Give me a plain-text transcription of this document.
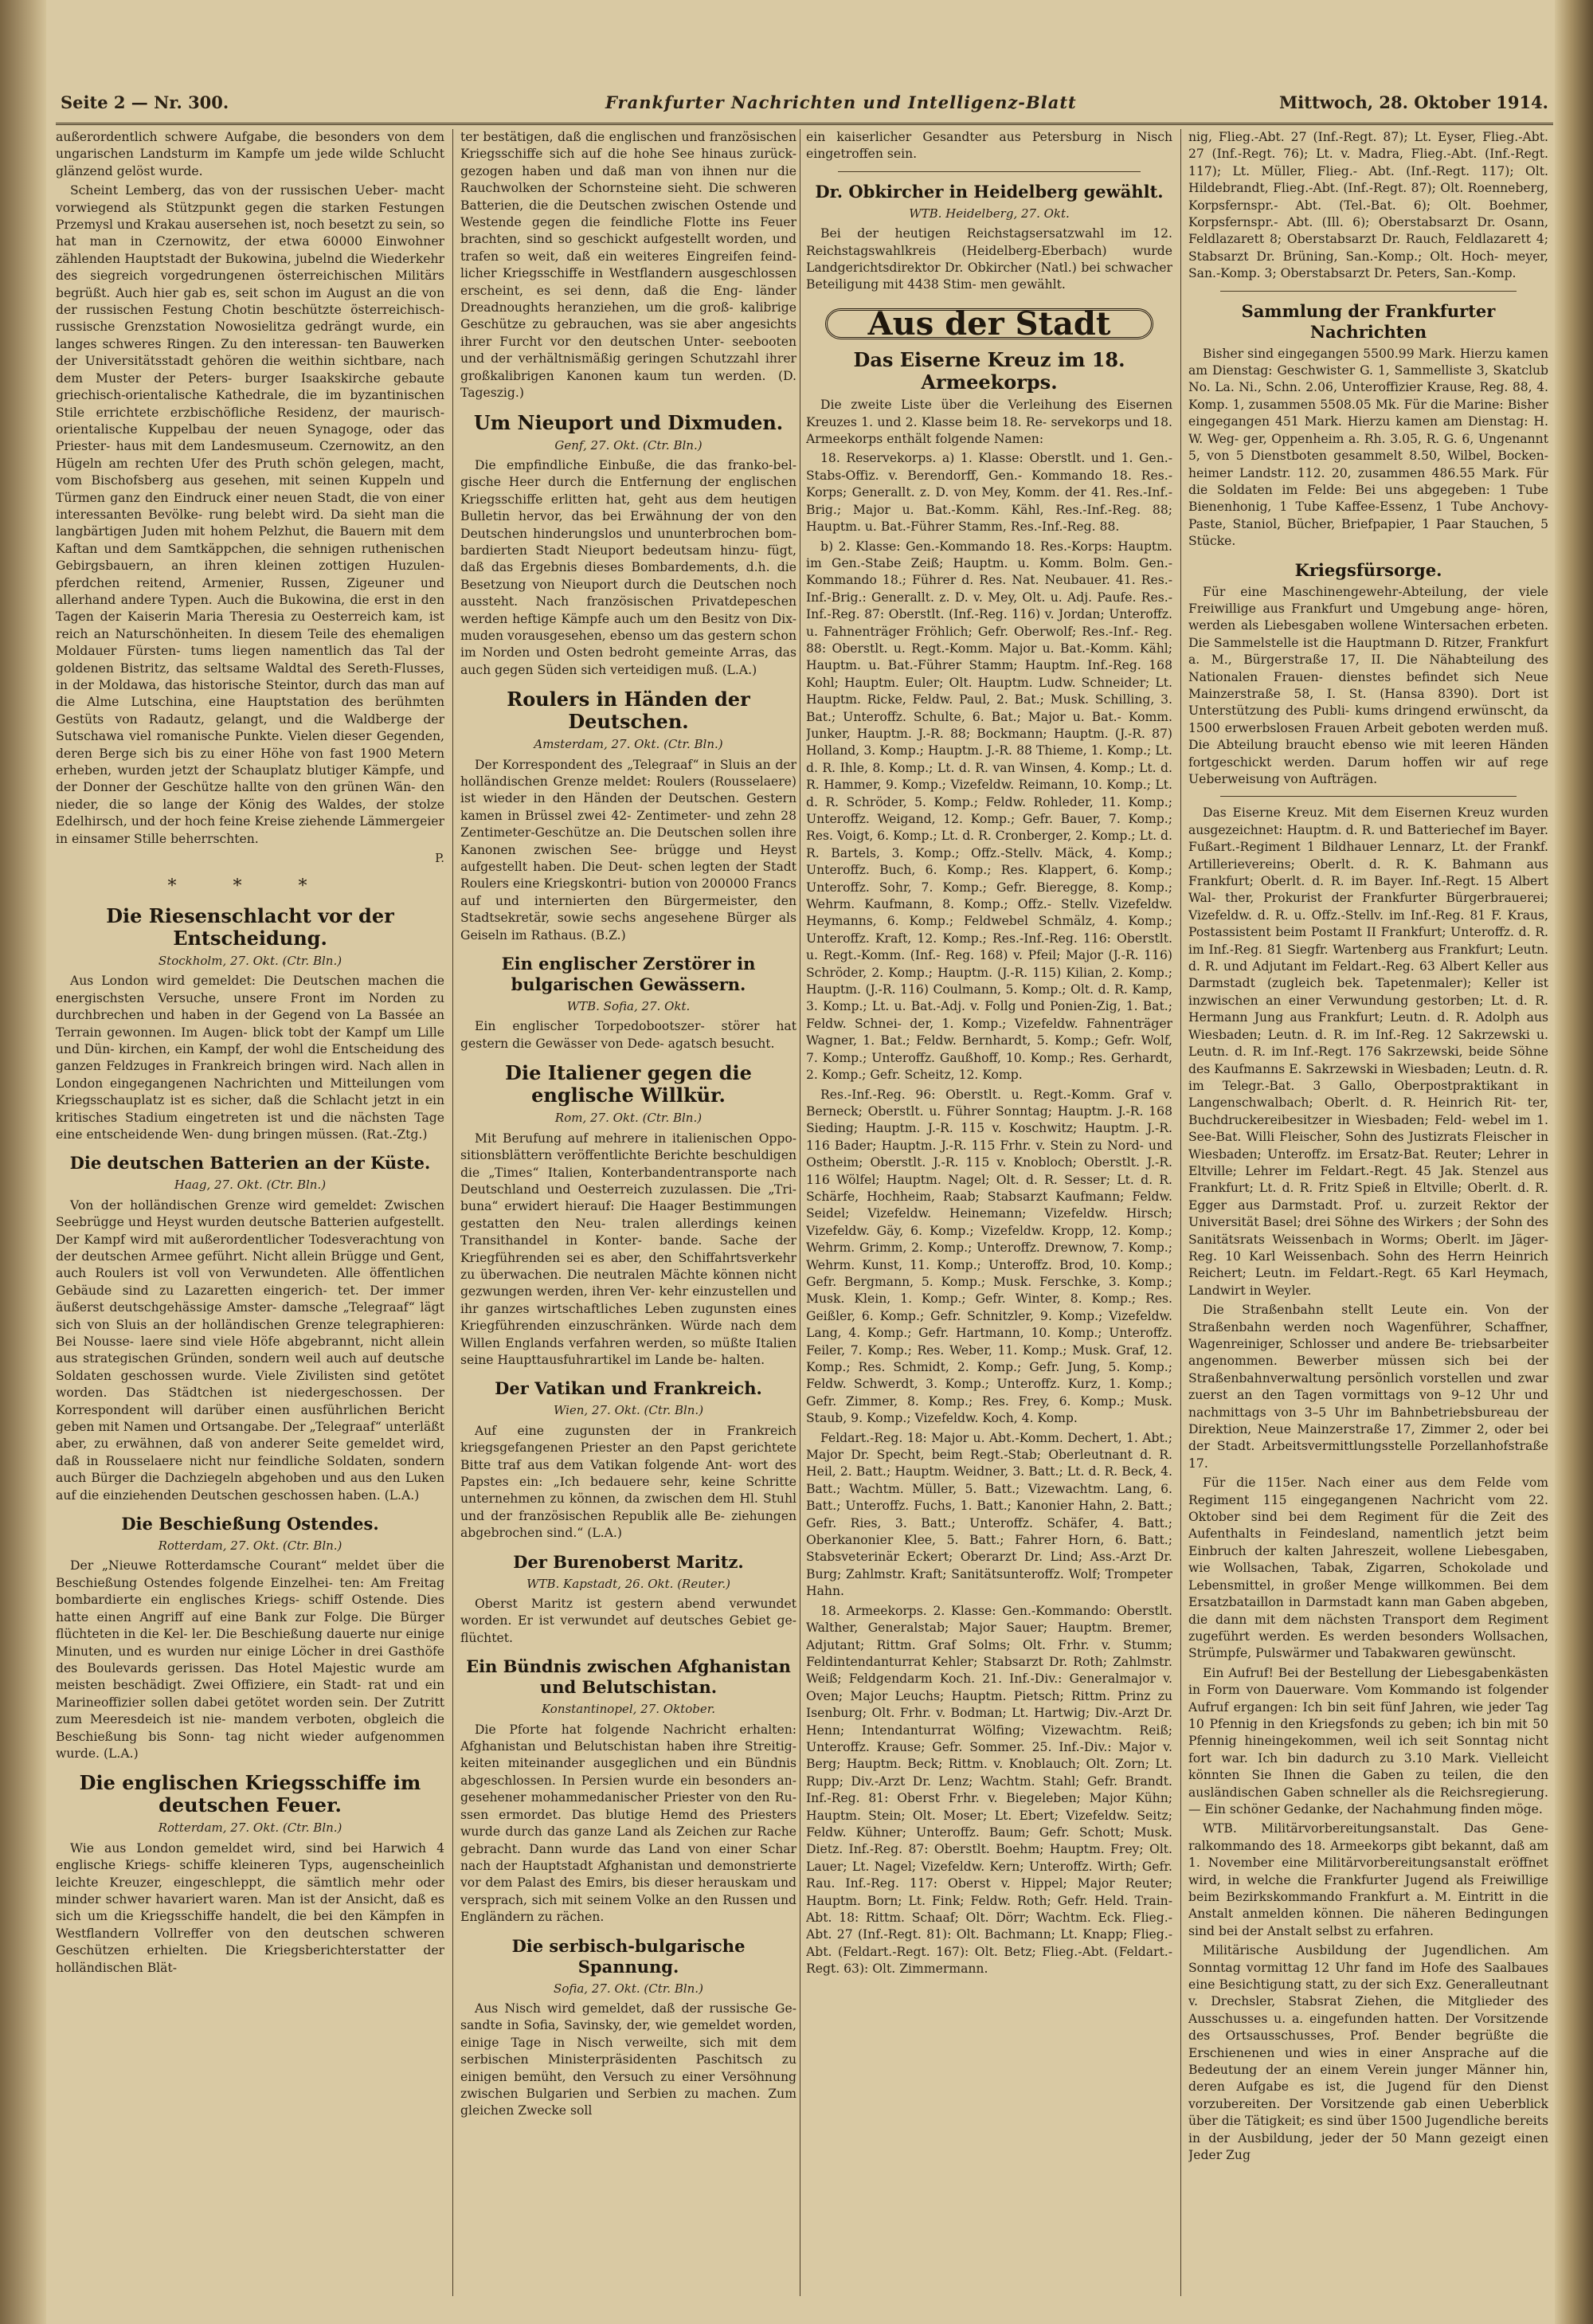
Seite 2 — Nr. 300.	Frankfurter Nachrichten und Intelligenz-Blatt	Mittwoch, 28. Oktober 1914.

außerordentlich schwere Aufgabe, die besonders von dem ungarischen Landsturm im Kampfe um jede wilde Schlucht glänzend gelöst wurde.

Scheint Lemberg, das von der russischen Ueber- macht vorwiegend als Stützpunkt gegen die starken Festungen Przemysl und Krakau ausersehen ist, noch besetzt zu sein, so hat man in Czernowitz, der etwa 60000 Einwohner zählenden Hauptstadt der Bukowina, jubelnd die Wiederkehr des siegreich vorgedrungenen österreichischen Militärs begrüßt. Auch hier gab es, seit schon im August an die von der russischen Festung Chotin beschützte österreichisch- russische Grenzstation Nowosielitza gedrängt wurde, ein langes schweres Ringen. Zu den interessan- ten Bauwerken der Universitätsstadt gehören die weithin sichtbare, nach dem Muster der Peters- burger Isaakskirche gebaute griechisch-orientalische Kathedrale, die im byzantinischen Stile errichtete erzbischöfliche Residenz, der maurisch-orientalische Kuppelbau der neuen Synagoge, oder das Priester- haus mit dem Landesmuseum. Czernowitz, an den Hügeln am rechten Ufer des Pruth schön gelegen, macht, vom Bischofsberg aus gesehen, mit seinen Kuppeln und Türmen ganz den Eindruck einer neuen Stadt, die von einer interessanten Bevölke- rung belebt wird. Da sieht man die langbärtigen Juden mit hohem Pelzhut, die Bauern mit dem Kaftan und dem Samtkäppchen, die sehnigen ruthenischen Gebirgsbauern, an ihren kleinen zottigen Huzulen- pferdchen reitend, Armenier, Russen, Zigeuner und allerhand andere Typen. Auch die Bukowina, die erst in den Tagen der Kaiserin Maria Theresia zu Oesterreich kam, ist reich an Naturschönheiten. In diesem Teile des ehemaligen Moldauer Fürsten- tums liegen namentlich das Tal der goldenen Bistritz, das seltsame Waldtal des Sereth-Flusses, in der Moldawa, das historische Steintor, durch das man auf die Alme Lutschina, eine Hauptstation des berühmten Gestüts von Radautz, gelangt, und die Waldberge der Sutschawa viel romanische Punkte. Vielen dieser Gegenden, deren Berge sich bis zu einer Höhe von fast 1900 Metern erheben, wurden jetzt der Schauplatz blutiger Kämpfe, und der Donner der Geschütze hallte von den grünen Wän- den nieder, die so lange der König des Waldes, der stolze Edelhirsch, und der hoch feine Kreise ziehende Lämmergeier in einsamer Stille beherrschten.

P.
* * *
Die Riesenschlacht vor der Entscheidung.
Stockholm, 27. Okt. (Ctr. Bln.)

Aus London wird gemeldet: Die Deutschen machen die energischsten Versuche, unsere Front im Norden zu durchbrechen und haben in der Gegend von La Bassée an Terrain gewonnen. Im Augen- blick tobt der Kampf um Lille und Dün- kirchen, ein Kampf, der wohl die Entscheidung des ganzen Feldzuges in Frankreich bringen wird. Nach allen in London eingegangenen Nachrichten und Mitteilungen vom Kriegsschauplatz ist es sicher, daß die Schlacht jetzt in ein kritisches Stadium eingetreten ist und die nächsten Tage eine entscheidende Wen- dung bringen müssen. (Rat.-Ztg.)

Die deutschen Batterien an der Küste.
Haag, 27. Okt. (Ctr. Bln.)

Von der holländischen Grenze wird gemeldet: Zwischen Seebrügge und Heyst wurden deutsche Batterien aufgestellt. Der Kampf wird mit außerordentlicher Todesverachtung von der deutschen Armee geführt. Nicht allein Brügge und Gent, auch Roulers ist voll von Verwundeten. Alle öffentlichen Gebäude sind zu Lazaretten eingerich- tet. Der immer äußerst deutschgehässige Amster- damsche „Telegraaf“ lägt sich von Sluis an der holländischen Grenze telegraphieren: Bei Nousse- laere sind viele Höfe abgebrannt, nicht allein aus strategischen Gründen, sondern weil auch auf deutsche Soldaten geschossen wurde. Viele Zivilisten sind getötet worden. Das Städtchen ist niedergeschossen. Der Korrespondent will darüber einen ausführlichen Bericht geben mit Namen und Ortsangabe. Der „Telegraaf“ unterläßt aber, zu erwähnen, daß von anderer Seite gemeldet wird, daß in Rousselaere nicht nur feindliche Soldaten, sondern auch Bürger die Dachziegeln abgehoben und aus den Luken auf die einziehenden Deutschen geschossen haben. (L.A.)

Die Beschießung Ostendes.
Rotterdam, 27. Okt. (Ctr. Bln.)

Der „Nieuwe Rotterdamsche Courant“ meldet über die Beschießung Ostendes folgende Einzelhei- ten: Am Freitag bombardierte ein englisches Kriegs- schiff Ostende. Dies hatte einen Angriff auf eine Bank zur Folge. Die Bürger flüchteten in die Kel- ler. Die Beschießung dauerte nur einige Minuten, und es wurden nur einige Löcher in drei Gasthöfe des Boulevards gerissen. Das Hotel Majestic wurde am meisten beschädigt. Zwei Offiziere, ein Stadt- rat und ein Marineoffizier sollen dabei getötet worden sein. Der Zutritt zum Meeresdeich ist nie- mandem verboten, obgleich die Beschießung bis Sonn- tag nicht wieder aufgenommen wurde. (L.A.)

Die englischen Kriegsschiffe im deutschen Feuer.
Rotterdam, 27. Okt. (Ctr. Bln.)

Wie aus London gemeldet wird, sind bei Harwich 4 englische Kriegs- schiffe kleineren Typs, augenscheinlich leichte Kreuzer, eingeschleppt, die sämtlich mehr oder minder schwer havariert waren. Man ist der Ansicht, daß es sich um die Kriegsschiffe handelt, die bei den Kämpfen in Westflandern Vollreffer von den deutschen schweren Geschützen erhielten. Die Kriegsberichterstatter der holländischen Blät-

ter bestätigen, daß die englischen und französischen Kriegsschiffe sich auf die hohe See hinaus zurück- gezogen haben und daß man von ihnen nur die Rauchwolken der Schornsteine sieht. Die schweren Batterien, die die Deutschen zwischen Ostende und Westende gegen die feindliche Flotte ins Feuer brachten, sind so geschickt aufgestellt worden, und trafen so weit, daß ein weiteres Eingreifen feind- licher Kriegsschiffe in Westflandern ausgeschlossen erscheint, es sei denn, daß die Eng- länder Dreadnoughts heranziehen, um die groß- kalibrige Geschütze zu gebrauchen, was sie aber angesichts ihrer Furcht vor den deutschen Unter- seebooten und der verhältnismäßig geringen Schutzzahl ihrer großkalibrigen Kanonen kaum tun werden. (D. Tageszig.)

Um Nieuport und Dixmuden.
Genf, 27. Okt. (Ctr. Bln.)

Die empfindliche Einbuße, die das franko-bel- gische Heer durch die Entfernung der englischen Kriegsschiffe erlitten hat, geht aus dem heutigen Bulletin hervor, das bei Erwähnung der von den Deutschen hinderungslos und ununterbrochen bom- bardierten Stadt Nieuport bedeutsam hinzu- fügt, daß das Ergebnis dieses Bombardements, d.h. die Besetzung von Nieuport durch die Deutschen noch aussteht. Nach französischen Privatdepeschen werden heftige Kämpfe auch um den Besitz von Dix- muden vorausgesehen, ebenso um das gestern schon im Norden und Osten bedroht gemeinte Arras, das auch gegen Süden sich verteidigen muß. (L.A.)

Roulers in Händen der Deutschen.
Amsterdam, 27. Okt. (Ctr. Bln.)

Der Korrespondent des „Telegraaf“ in Sluis an der holländischen Grenze meldet: Roulers (Rousselaere) ist wieder in den Händen der Deutschen. Gestern kamen in Brüssel zwei 42- Zentimeter- und zehn 28 Zentimeter-Geschütze an. Die Deutschen sollen ihre Kanonen zwischen See- brügge und Heyst aufgestellt haben. Die Deut- schen legten der Stadt Roulers eine Kriegskontri- bution von 200000 Francs auf und internierten den Bürgermeister, den Stadtsekretär, sowie sechs angesehene Bürger als Geiseln im Rathaus. (B.Z.)

Ein englischer Zerstörer in bulgarischen Gewässern.
WTB. Sofia, 27. Okt.

Ein englischer Torpedobootszer- störer hat gestern die Gewässer von Dede- agatsch besucht.

Die Italiener gegen die englische Willkür.
Rom, 27. Okt. (Ctr. Bln.)

Mit Berufung auf mehrere in italienischen Oppo- sitionsblättern veröffentlichte Berichte beschuldigen die „Times“ Italien, Konterbandentransporte nach Deutschland und Oesterreich zuzulassen. Die „Tri- buna“ erwidert hierauf: Die Haager Bestimmungen gestatten den Neu- tralen allerdings keinen Transithandel in Konter- bande. Sache der Kriegführenden sei es aber, den Schiffahrtsverkehr zu überwachen. Die neutralen Mächte können nicht gezwungen werden, ihren Ver- kehr einzustellen und ihr ganzes wirtschaftliches Leben zugunsten eines Kriegführenden einzuschränken. Würde nach dem Willen Englands verfahren werden, so müßte Italien seine Haupttausfuhrartikel im Lande be- halten.

Der Vatikan und Frankreich.
Wien, 27. Okt. (Ctr. Bln.)

Auf eine zugunsten der in Frankreich kriegsgefangenen Priester an den Papst gerichtete Bitte traf aus dem Vatikan folgende Ant- wort des Papstes ein: „Ich bedauere sehr, keine Schritte unternehmen zu können, da zwischen dem Hl. Stuhl und der französischen Republik alle Be- ziehungen abgebrochen sind.“ (L.A.)

Der Burenoberst Maritz.
WTB. Kapstadt, 26. Okt. (Reuter.)

Oberst Maritz ist gestern abend verwundet worden. Er ist verwundet auf deutsches Gebiet ge- flüchtet.

Ein Bündnis zwischen Afghanistan und Belutschistan.
Konstantinopel, 27. Oktober.

Die Pforte hat folgende Nachricht erhalten: Afghanistan und Belutschistan haben ihre Streitig- keiten miteinander ausgeglichen und ein Bündnis abgeschlossen. In Persien wurde ein besonders an- gesehener mohammedanischer Priester von den Ru- ssen ermordet. Das blutige Hemd des Priesters wurde durch das ganze Land als Zeichen zur Rache gebracht. Dann wurde das Land von einer Schar nach der Hauptstadt Afghanistan und demonstrierte vor dem Palast des Emirs, bis dieser herauskam und versprach, sich mit seinem Volke an den Russen und Engländern zu rächen.

Die serbisch-bulgarische Spannung.
Sofia, 27. Okt. (Ctr. Bln.)

Aus Nisch wird gemeldet, daß der russische Ge- sandte in Sofia, Savinsky, der, wie gemeldet worden, einige Tage in Nisch verweilte, sich mit dem serbischen Ministerpräsidenten Paschitsch zu einigen bemüht, den Versuch zu einer Versöhnung zwischen Bulgarien und Serbien zu machen. Zum gleichen Zwecke soll

ein kaiserlicher Gesandter aus Petersburg in Nisch eingetroffen sein.

Dr. Obkircher in Heidelberg gewählt.
WTB. Heidelberg, 27. Okt.

Bei der heutigen Reichstagsersatzwahl im 12. Reichstagswahlkreis (Heidelberg-Eberbach) wurde Landgerichtsdirektor Dr. Obkircher (Natl.) bei schwacher Beteiligung mit 4438 Stim- men gewählt.

Aus der Stadt
Das Eiserne Kreuz im 18. Armeekorps.

Die zweite Liste über die Verleihung des Eisernen Kreuzes 1. und 2. Klasse beim 18. Re- servekorps und 18. Armeekorps enthält folgende Namen:

18. Reservekorps. a) 1. Klasse: Oberstlt. und 1. Gen.-Stabs-Offiz. v. Berendorff, Gen.- Kommando 18. Res.-Korps; Generallt. z. D. von Mey, Komm. der 41. Res.-Inf.-Brig.; Major u. Bat.-Komm. Kähl, Res.-Inf.-Reg. 88; Hauptm. u. Bat.-Führer Stamm, Res.-Inf.-Reg. 88.

b) 2. Klasse: Gen.-Kommando 18. Res.-Korps: Hauptm. im Gen.-Stabe Zeiß; Hauptm. u. Komm. Bolm. Gen.-Kommando 18.; Führer d. Res. Nat. Neubauer. 41. Res.-Inf.-Brig.: Generallt. z. D. v. Mey, Olt. u. Adj. Paufe. Res.-Inf.-Reg. 87: Oberstlt. (Inf.-Reg. 116) v. Jordan; Unteroffz. u. Fahnenträger Fröhlich; Gefr. Oberwolf; Res.-Inf.- Reg. 88: Oberstlt. u. Regt.-Komm. Major u. Bat.-Komm. Kähl; Hauptm. u. Bat.-Führer Stamm; Hauptm. Inf.-Reg. 168 Kohl; Hauptm. Euler; Olt. Hauptm. Ludw. Schneider; Lt. Hauptm. Ricke, Feldw. Paul, 2. Bat.; Musk. Schilling, 3. Bat.; Unteroffz. Schulte, 6. Bat.; Major u. Bat.- Komm. Junker, Hauptm. J.-R. 88; Bockmann; Hauptm. (J.-R. 87) Holland, 3. Komp.; Hauptm. J.-R. 88 Thieme, 1. Komp.; Lt. d. R. Ihle, 8. Komp.; Lt. d. R. van Winsen, 4. Komp.; Lt. d. R. Hammer, 9. Komp.; Vizefeldw. Reimann, 10. Komp.; Lt. d. R. Schröder, 5. Komp.; Feldw. Rohleder, 11. Komp.; Unteroffz. Weigand, 12. Komp.; Gefr. Bauer, 7. Komp.; Res. Voigt, 6. Komp.; Lt. d. R. Cronberger, 2. Komp.; Lt. d. R. Bartels, 3. Komp.; Offz.-Stellv. Mäck, 4. Komp.; Unteroffz. Buch, 6. Komp.; Res. Klappert, 6. Komp.; Unteroffz. Sohr, 7. Komp.; Gefr. Bieregge, 8. Komp.; Wehrm. Kaufmann, 8. Komp.; Offz.- Stellv. Vizefeldw. Heymanns, 6. Komp.; Feldwebel Schmälz, 4. Komp.; Unteroffz. Kraft, 12. Komp.; Res.-Inf.-Reg. 116: Oberstlt. u. Regt.-Komm. (Inf.- Reg. 168) v. Pfeil; Major (J.-R. 116) Schröder, 2. Komp.; Hauptm. (J.-R. 115) Kilian, 2. Komp.; Hauptm. (J.-R. 116) Coulmann, 5. Komp.; Olt. d. R. Kamp, 3. Komp.; Lt. u. Bat.-Adj. v. Follg und Ponien-Zig, 1. Bat.; Feldw. Schnei- der, 1. Komp.; Vizefeldw. Fahnenträger Wagner, 1. Bat.; Feldw. Bernhardt, 5. Komp.; Gefr. Wolf, 7. Komp.; Unteroffz. Gaußhoff, 10. Komp.; Res. Gerhardt, 2. Komp.; Gefr. Scheitz, 12. Komp.

Res.-Inf.-Reg. 96: Oberstlt. u. Regt.-Komm. Graf v. Berneck; Oberstlt. u. Führer Sonntag; Hauptm. J.-R. 168 Sieding; Hauptm. J.-R. 115 v. Koschwitz; Hauptm. J.-R. 116 Bader; Hauptm. J.-R. 115 Frhr. v. Stein zu Nord- und Ostheim; Oberstlt. J.-R. 115 v. Knobloch; Oberstlt. J.-R. 116 Wölfel; Hauptm. Nagel; Olt. d. R. Sesser; Lt. d. R. Schärfe, Hochheim, Raab; Stabsarzt Kaufmann; Feldw. Seidel; Vizefeldw. Heinemann; Vizefeldw. Hirsch; Vizefeldw. Gäy, 6. Komp.; Vizefeldw. Kropp, 12. Komp.; Wehrm. Grimm, 2. Komp.; Unteroffz. Drewnow, 7. Komp.; Wehrm. Kunst, 11. Komp.; Unteroffz. Brod, 10. Komp.; Gefr. Bergmann, 5. Komp.; Musk. Ferschke, 3. Komp.; Musk. Klein, 1. Komp.; Gefr. Winter, 8. Komp.; Res. Geißler, 6. Komp.; Gefr. Schnitzler, 9. Komp.; Vizefeldw. Lang, 4. Komp.; Gefr. Hartmann, 10. Komp.; Unteroffz. Feiler, 7. Komp.; Res. Weber, 11. Komp.; Musk. Graf, 12. Komp.; Res. Schmidt, 2. Komp.; Gefr. Jung, 5. Komp.; Feldw. Schwerdt, 3. Komp.; Unteroffz. Kurz, 1. Komp.; Gefr. Zimmer, 8. Komp.; Res. Frey, 6. Komp.; Musk. Staub, 9. Komp.; Vizefeldw. Koch, 4. Komp.

Feldart.-Reg. 18: Major u. Abt.-Komm. Dechert, 1. Abt.; Major Dr. Specht, beim Regt.-Stab; Oberleutnant d. R. Heil, 2. Batt.; Hauptm. Weidner, 3. Batt.; Lt. d. R. Beck, 4. Batt.; Wachtm. Müller, 5. Batt.; Vizewachtm. Lang, 6. Batt.; Unteroffz. Fuchs, 1. Batt.; Kanonier Hahn, 2. Batt.; Gefr. Ries, 3. Batt.; Unteroffz. Schäfer, 4. Batt.; Oberkanonier Klee, 5. Batt.; Fahrer Horn, 6. Batt.; Stabsveterinär Eckert; Oberarzt Dr. Lind; Ass.-Arzt Dr. Burg; Zahlmstr. Kraft; Sanitätsunteroffz. Wolf; Trompeter Hahn.

18. Armeekorps. 2. Klasse: Gen.-Kommando: Oberstlt. Walther, Generalstab; Major Sauer; Hauptm. Bremer, Adjutant; Rittm. Graf Solms; Olt. Frhr. v. Stumm; Feldintendanturrat Kehler; Stabsarzt Dr. Roth; Zahlmstr. Weiß; Feldgendarm Koch. 21. Inf.-Div.: Generalmajor v. Oven; Major Leuchs; Hauptm. Pietsch; Rittm. Prinz zu Isenburg; Olt. Frhr. v. Bodman; Lt. Hartwig; Div.-Arzt Dr. Henn; Intendanturrat Wölfing; Vizewachtm. Reiß; Unteroffz. Krause; Gefr. Sommer. 25. Inf.-Div.: Major v. Berg; Hauptm. Beck; Rittm. v. Knoblauch; Olt. Zorn; Lt. Rupp; Div.-Arzt Dr. Lenz; Wachtm. Stahl; Gefr. Brandt. Inf.-Reg. 81: Oberst Frhr. v. Biegeleben; Major Kühn; Hauptm. Stein; Olt. Moser; Lt. Ebert; Vizefeldw. Seitz; Feldw. Kühner; Unteroffz. Baum; Gefr. Schott; Musk. Dietz. Inf.-Reg. 87: Oberstlt. Boehm; Hauptm. Frey; Olt. Lauer; Lt. Nagel; Vizefeldw. Kern; Unteroffz. Wirth; Gefr. Rau. Inf.-Reg. 117: Oberst v. Hippel; Major Reuter; Hauptm. Born; Lt. Fink; Feldw. Roth; Gefr. Held. Train-Abt. 18: Rittm. Schaaf; Olt. Dörr; Wachtm. Eck. Flieg.-Abt. 27 (Inf.-Regt. 81): Olt. Bachmann; Lt. Knapp; Flieg.-Abt. (Feldart.-Regt. 167): Olt. Betz; Flieg.-Abt. (Feldart.-Regt. 63): Olt. Zimmermann.

nig, Flieg.-Abt. 27 (Inf.-Regt. 87); Lt. Eyser, Flieg.-Abt. 27 (Inf.-Regt. 76); Lt. v. Madra, Flieg.-Abt. (Inf.-Regt. 117); Lt. Müller, Flieg.- Abt. (Inf.-Regt. 117); Olt. Hildebrandt, Flieg.-Abt. (Inf.-Regt. 87); Olt. Roenneberg, Korpsfernspr.- Abt. (Tel.-Bat. 6); Olt. Boehmer, Korpsfernspr.- Abt. (Ill. 6); Oberstabsarzt Dr. Osann, Feldlazarett 8; Oberstabsarzt Dr. Rauch, Feldlazarett 4; Stabsarzt Dr. Brüning, San.-Komp.; Olt. Hoch- meyer, San.-Komp. 3; Oberstabsarzt Dr. Peters, San.-Komp.

Sammlung der Frankfurter Nachrichten

Bisher sind eingegangen 5500.99 Mark. Hierzu kamen am Dienstag: Geschwister G. 1, Sammelliste 3, Skatclub No. La. Ni., Schn. 2.06, Unteroffizier Krause, Reg. 88, 4. Komp. 1, zusammen 5508.05 Mk. Für die Marine: Bisher eingegangen 451 Mark. Hierzu kamen am Dienstag: H. W. Weg- ger, Oppenheim a. Rh. 3.05, R. G. 6, Ungenannt 5, von 5 Dienstboten gesammelt 8.50, Wilbel, Bocken- heimer Landstr. 112. 20, zusammen 486.55 Mark. Für die Soldaten im Felde: Bei uns abgegeben: 1 Tube Bienenhonig, 1 Tube Kaffee-Essenz, 1 Tube Anchovy-Paste, Staniol, Bücher, Briefpapier, 1 Paar Stauchen, 5 Stücke.

Kriegsfürsorge.

Für eine Maschinengewehr-Abteilung, der viele Freiwillige aus Frankfurt und Umgebung ange- hören, werden als Liebesgaben wollene Wintersachen erbeten. Die Sammelstelle ist die Hauptmann D. Ritzer, Frankfurt a. M., Bürgerstraße 17, II. Die Nähabteilung des Nationalen Frauen- dienstes befindet sich Neue Mainzerstraße 58, I. St. (Hansa 8390). Dort ist Unterstützung des Publi- kums dringend erwünscht, da 1500 erwerbslosen Frauen Arbeit geboten werden muß. Die Abteilung braucht ebenso wie mit leeren Händen fortgeschickt werden. Darum hoffen wir auf rege Ueberweisung von Aufträgen.

Das Eiserne Kreuz. Mit dem Eisernen Kreuz wurden ausgezeichnet: Hauptm. d. R. und Batteriechef im Bayer. Fußart.-Regiment 1 Bildhauer Lennarz, Lt. der Frankf. Artillerievereins; Oberlt. d. R. K. Bahmann aus Frankfurt; Oberlt. d. R. im Bayer. Inf.-Regt. 15 Albert Wal- ther, Prokurist der Frankfurter Bürgerbrauerei; Vizefeldw. d. R. u. Offz.-Stellv. im Inf.-Reg. 81 F. Kraus, Postassistent beim Postamt II Frankfurt; Unteroffz. d. R. im Inf.-Reg. 81 Siegfr. Wartenberg aus Frankfurt; Leutn. d. R. und Adjutant im Feldart.-Reg. 63 Albert Keller aus Darmstadt (zugleich bek. Tapetenmaler); Keller ist inzwischen an einer Verwundung gestorben; Lt. d. R. Hermann Jung aus Frankfurt; Leutn. d. R. Adolph aus Wiesbaden; Leutn. d. R. im Inf.-Reg. 12 Sakrzewski u. Leutn. d. R. im Inf.-Regt. 176 Sakrzewski, beide Söhne des Kaufmanns E. Sakrzewski in Wiesbaden; Leutn. d. R. im Telegr.-Bat. 3 Gallo, Oberpostpraktikant in Langenschwalbach; Oberlt. d. R. Heinrich Rit- ter, Buchdruckereibesitzer in Wiesbaden; Feld- webel im 1. See-Bat. Willi Fleischer, Sohn des Justizrats Fleischer in Wiesbaden; Unteroffz. im Ersatz-Bat. Reuter; Lehrer in Eltville; Lehrer im Feldart.-Regt. 45 Jak. Stenzel aus Frankfurt; Lt. d. R. Fritz Spieß in Eltville; Oberlt. d. R. Egger aus Darmstadt. Prof. u. zurzeit Rektor der Universität Basel; drei Söhne des Wirkers ; der Sohn des Sanitätsrats Weissenbach in Worms; Oberlt. im Jäger-Reg. 10 Karl Weissenbach. Sohn des Herrn Heinrich Reichert; Leutn. im Feldart.-Regt. 65 Karl Heymach, Landwirt in Weyler.

Die Straßenbahn stellt Leute ein. Von der Straßenbahn werden noch Wagenführer, Schaffner, Wagenreiniger, Schlosser und andere Be- triebsarbeiter angenommen. Bewerber müssen sich bei der Straßenbahnverwaltung persönlich vorstellen und zwar zuerst an den Tagen vormittags von 9–12 Uhr und nachmittags von 3–5 Uhr im Bahnbetriebsbureau der Direktion, Neue Mainzerstraße 17, Zimmer 2, oder bei der Stadt. Arbeitsvermittlungsstelle Porzellanhofstraße 17.

Für die 115er. Nach einer aus dem Felde vom Regiment 115 eingegangenen Nachricht vom 22. Oktober sind bei dem Regiment für die Zeit des Aufenthalts in Feindesland, namentlich jetzt beim Einbruch der kalten Jahreszeit, wollene Liebesgaben, wie Wollsachen, Tabak, Zigarren, Schokolade und Lebensmittel, in großer Menge willkommen. Bei dem Ersatzbataillon in Darmstadt kann man Gaben abgeben, die dann mit dem nächsten Transport dem Regiment zugeführt werden. Es werden besonders Wollsachen, Strümpfe, Pulswärmer und Tabakwaren gewünscht.

Ein Aufruf! Bei der Bestellung der Liebesgabenkästen in Form von Dauerware. Vom Kommando ist folgender Aufruf ergangen: Ich bin seit fünf Jahren, wie jeder Tag 10 Pfennig in den Kriegsfonds zu geben; ich bin mit 50 Pfennig hineingekommen, weil ich seit Sonntag nicht fort war. Ich bin dadurch zu 3.10 Mark. Vielleicht könnten Sie Ihnen die Gaben zu teilen, die den ausländischen Gaben schneller als die Reichsregierung. — Ein schöner Gedanke, der Nachahmung finden möge.

WTB. Militärvorbereitungsanstalt. Das Gene- ralkommando des 18. Armeekorps gibt bekannt, daß am 1. November eine Militärvorbereitungsanstalt eröffnet wird, in welche die Frankfurter Jugend als Freiwillige beim Bezirkskommando Frankfurt a. M. Eintritt in die Anstalt anmelden können. Die näheren Bedingungen sind bei der Anstalt selbst zu erfahren.

Militärische Ausbildung der Jugendlichen. Am Sonntag vormittag 12 Uhr fand im Hofe des Saalbaues eine Besichtigung statt, zu der sich Exz. Generalleutnant v. Drechsler, Stabsrat Ziehen, die Mitglieder des Ausschusses u. a. eingefunden hatten. Der Vorsitzende des Ortsausschusses, Prof. Bender begrüßte die Erschienenen und wies in einer Ansprache auf die Bedeutung der an einem Verein junger Männer hin, deren Aufgabe es ist, die Jugend für den Dienst vorzubereiten. Der Vorsitzende gab einen Ueberblick über die Tätigkeit; es sind über 1500 Jugendliche bereits in der Ausbildung, jeder der 50 Mann gezeigt einen Jeder Zug
